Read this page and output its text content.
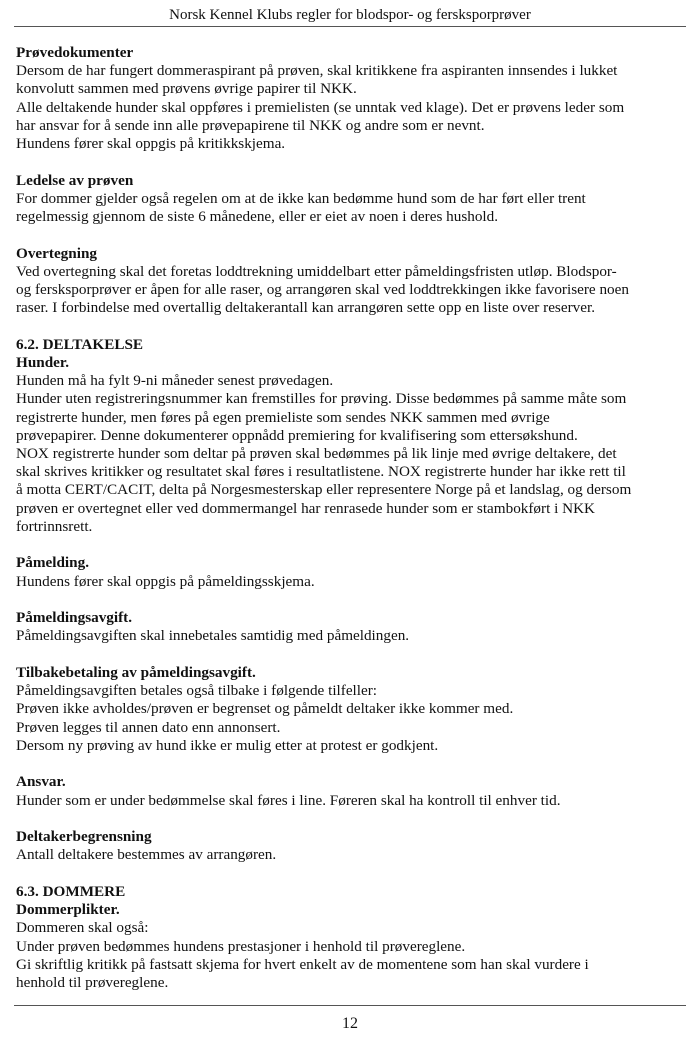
Norsk Kennel Klubs regler for blodspor- og fersksporprøver

Prøvedokumenter

Dersom de har fungert dommeraspirant på prøven, skal kritikkene fra aspiranten innsendes i lukket

konvolutt sammen med prøvens øvrige papirer til NKK.

Alle deltakende hunder skal oppføres i premielisten (se unntak ved klage). Det er prøvens leder som

har ansvar for å sende inn alle prøvepapirene til NKK og andre som er nevnt.

Hundens fører skal oppgis på kritikkskjema.

Ledelse av prøven

For dommer gjelder også regelen om at de ikke kan bedømme hund som de har ført eller trent

regelmessig gjennom de siste 6 månedene, eller er eiet av noen i deres hushold.

Overtegning

Ved overtegning skal det foretas loddtrekning umiddelbart etter påmeldingsfristen utløp. Blodspor-

og fersksporprøver er åpen for alle raser, og arrangøren skal ved loddtrekkingen ikke favorisere noen

raser. I forbindelse med overtallig deltakerantall kan arrangøren sette opp en liste over reserver.

6.2. DELTAKELSE

Hunder.

Hunden må ha fylt 9-ni måneder senest prøvedagen.

Hunder uten registreringsnummer kan fremstilles for prøving. Disse bedømmes på samme måte som

registrerte hunder, men føres på egen premieliste som sendes NKK sammen med øvrige

prøvepapirer. Denne dokumenterer oppnådd premiering for kvalifisering som ettersøkshund.

NOX registrerte hunder som deltar på prøven skal bedømmes på lik linje med øvrige deltakere, det

skal skrives kritikker og resultatet skal føres i resultatlistene. NOX registrerte hunder har ikke rett til

å motta CERT/CACIT, delta på Norgesmesterskap eller representere Norge på et landslag, og dersom

prøven er overtegnet eller ved dommermangel har renrasede hunder som er stambokført i NKK

fortrinnsrett.

Påmelding.

Hundens fører skal oppgis på påmeldingsskjema.

Påmeldingsavgift.

Påmeldingsavgiften skal innebetales samtidig med påmeldingen.

Tilbakebetaling av påmeldingsavgift.

Påmeldingsavgiften betales også tilbake i følgende tilfeller:

Prøven ikke avholdes/prøven er begrenset og påmeldt deltaker ikke kommer med.

Prøven legges til annen dato enn annonsert.

Dersom ny prøving av hund ikke er mulig etter at protest er godkjent.

Ansvar.

Hunder som er under bedømmelse skal føres i line. Føreren skal ha kontroll til enhver tid.

Deltakerbegrensning

Antall deltakere bestemmes av arrangøren.

6.3. DOMMERE

Dommerplikter.

Dommeren skal også:

Under prøven bedømmes hundens prestasjoner i henhold til prøvereglene.

Gi skriftlig kritikk på fastsatt skjema for hvert enkelt av de momentene som han skal vurdere i

henhold til prøvereglene.

12
